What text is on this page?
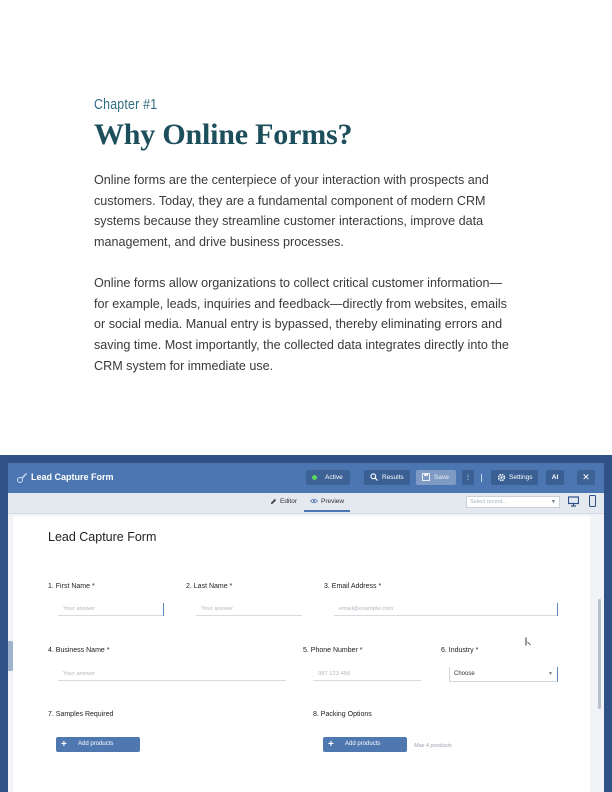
Chapter #1
Why Online Forms?

Online forms are the centerpiece of your interaction with prospects and customers. Today, they are a fundamental component of modern CRM systems because they streamline customer interactions, improve data management, and drive business processes.

Online forms allow organizations to collect critical customer information—for example, leads, inquiries and feedback—directly from websites, emails or social media. Manual entry is bypassed, thereby eliminating errors and saving time. Most importantly, the collected data integrates directly into the CRM system for immediate use.

Lead Capture Form	Active	Results	Save	⋮	Settings	AI	✕
Editor	Preview	Select record...	▼
Lead Capture Form
1. First Name *
Your answer
2. Last Name *
Your answer
3. Email Address *
email@example.com
4. Business Name *
Your answer
5. Phone Number *
987 123 456
6. Industry *
Choose	▼
7. Samples Required
+ Add products
8. Packing Options
+ Add products	Max 4 products
